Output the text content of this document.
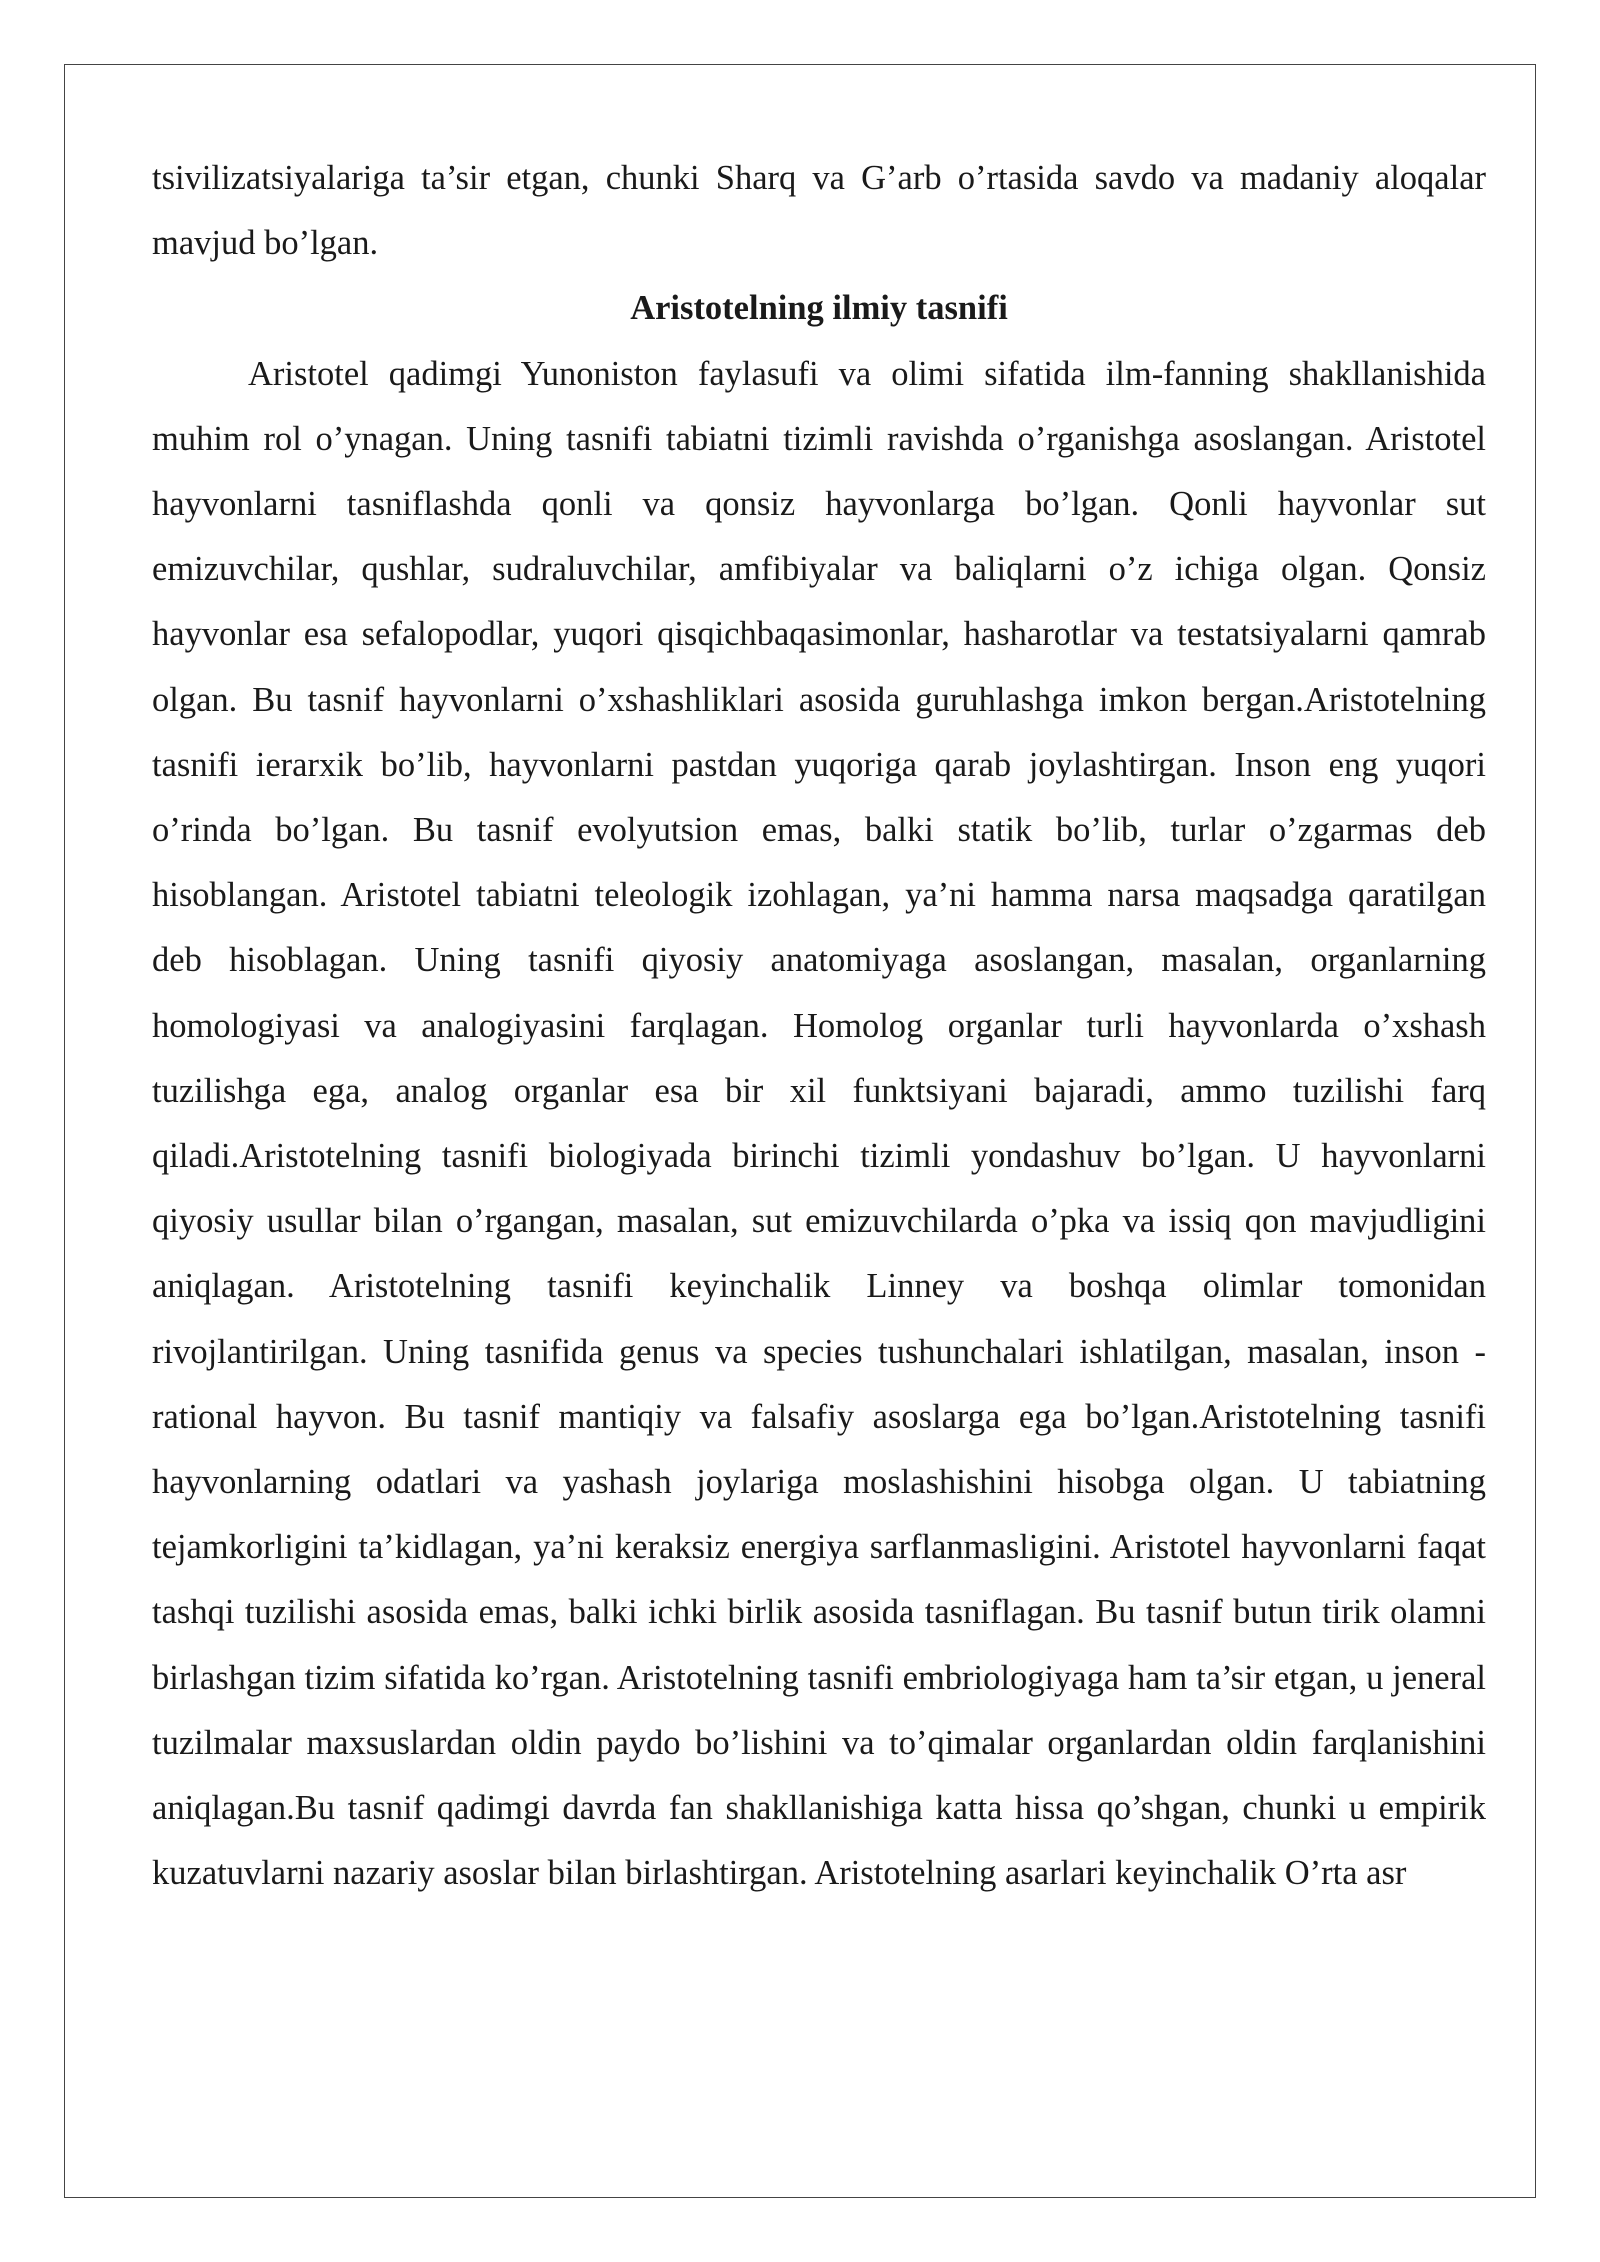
tsivilizatsiyalariga ta’sir etgan, chunki Sharq va G’arb o’rtasida savdo va madaniy aloqalar mavjud bo’lgan.

Aristotelning ilmiy tasnifi

Aristotel qadimgi Yunoniston faylasufi va olimi sifatida ilm-fanning shakllanishida muhim rol o’ynagan. Uning tasnifi tabiatni tizimli ravishda o’rganishga asoslangan. Aristotel hayvonlarni tasniflashda qonli va qonsiz hayvonlarga bo’lgan. Qonli hayvonlar sut emizuvchilar, qushlar, sudraluvchilar, amfibiyalar va baliqlarni o’z ichiga olgan. Qonsiz hayvonlar esa sefalopodlar, yuqori qisqichbaqasimonlar, hasharotlar va testatsiyalarni qamrab olgan. Bu tasnif hayvonlarni o’xshashliklari asosida guruhlashga imkon bergan.Aristotelning tasnifi ierarxik bo’lib, hayvonlarni pastdan yuqoriga qarab joylashtirgan. Inson eng yuqori o’rinda bo’lgan. Bu tasnif evolyutsion emas, balki statik bo’lib, turlar o’zgarmas deb hisoblangan. Aristotel tabiatni teleologik izohlagan, ya’ni hamma narsa maqsadga qaratilgan deb hisoblagan. Uning tasnifi qiyosiy anatomiyaga asoslangan, masalan, organlarning homologiyasi va analogiyasini farqlagan. Homolog organlar turli hayvonlarda o’xshash tuzilishga ega, analog organlar esa bir xil funktsiyani bajaradi, ammo tuzilishi farq qiladi.Aristotelning tasnifi biologiyada birinchi tizimli yondashuv bo’lgan. U hayvonlarni qiyosiy usullar bilan o’rgangan, masalan, sut emizuvchilarda o’pka va issiq qon mavjudligini aniqlagan. Aristotelning tasnifi keyinchalik Linney va boshqa olimlar tomonidan rivojlantirilgan. Uning tasnifida genus va species tushunchalari ishlatilgan, masalan, inson - rational hayvon. Bu tasnif mantiqiy va falsafiy asoslarga ega bo’lgan.Aristotelning tasnifi hayvonlarning odatlari va yashash joylariga moslashishini hisobga olgan. U tabiatning tejamkorligini ta’kidlagan, ya’ni keraksiz energiya sarflanmasligini. Aristotel hayvonlarni faqat tashqi tuzilishi asosida emas, balki ichki birlik asosida tasniflagan. Bu tasnif butun tirik olamni birlashgan tizim sifatida ko’rgan. Aristotelning tasnifi embriologiyaga ham ta’sir etgan, u jeneral tuzilmalar maxsuslardan oldin paydo bo’lishini va to’qimalar organlardan oldin farqlanishini aniqlagan.Bu tasnif qadimgi davrda fan shakllanishiga katta hissa qo’shgan, chunki u empirik kuzatuvlarni nazariy asoslar bilan birlashtirgan. Aristotelning asarlari keyinchalik O’rta asr
